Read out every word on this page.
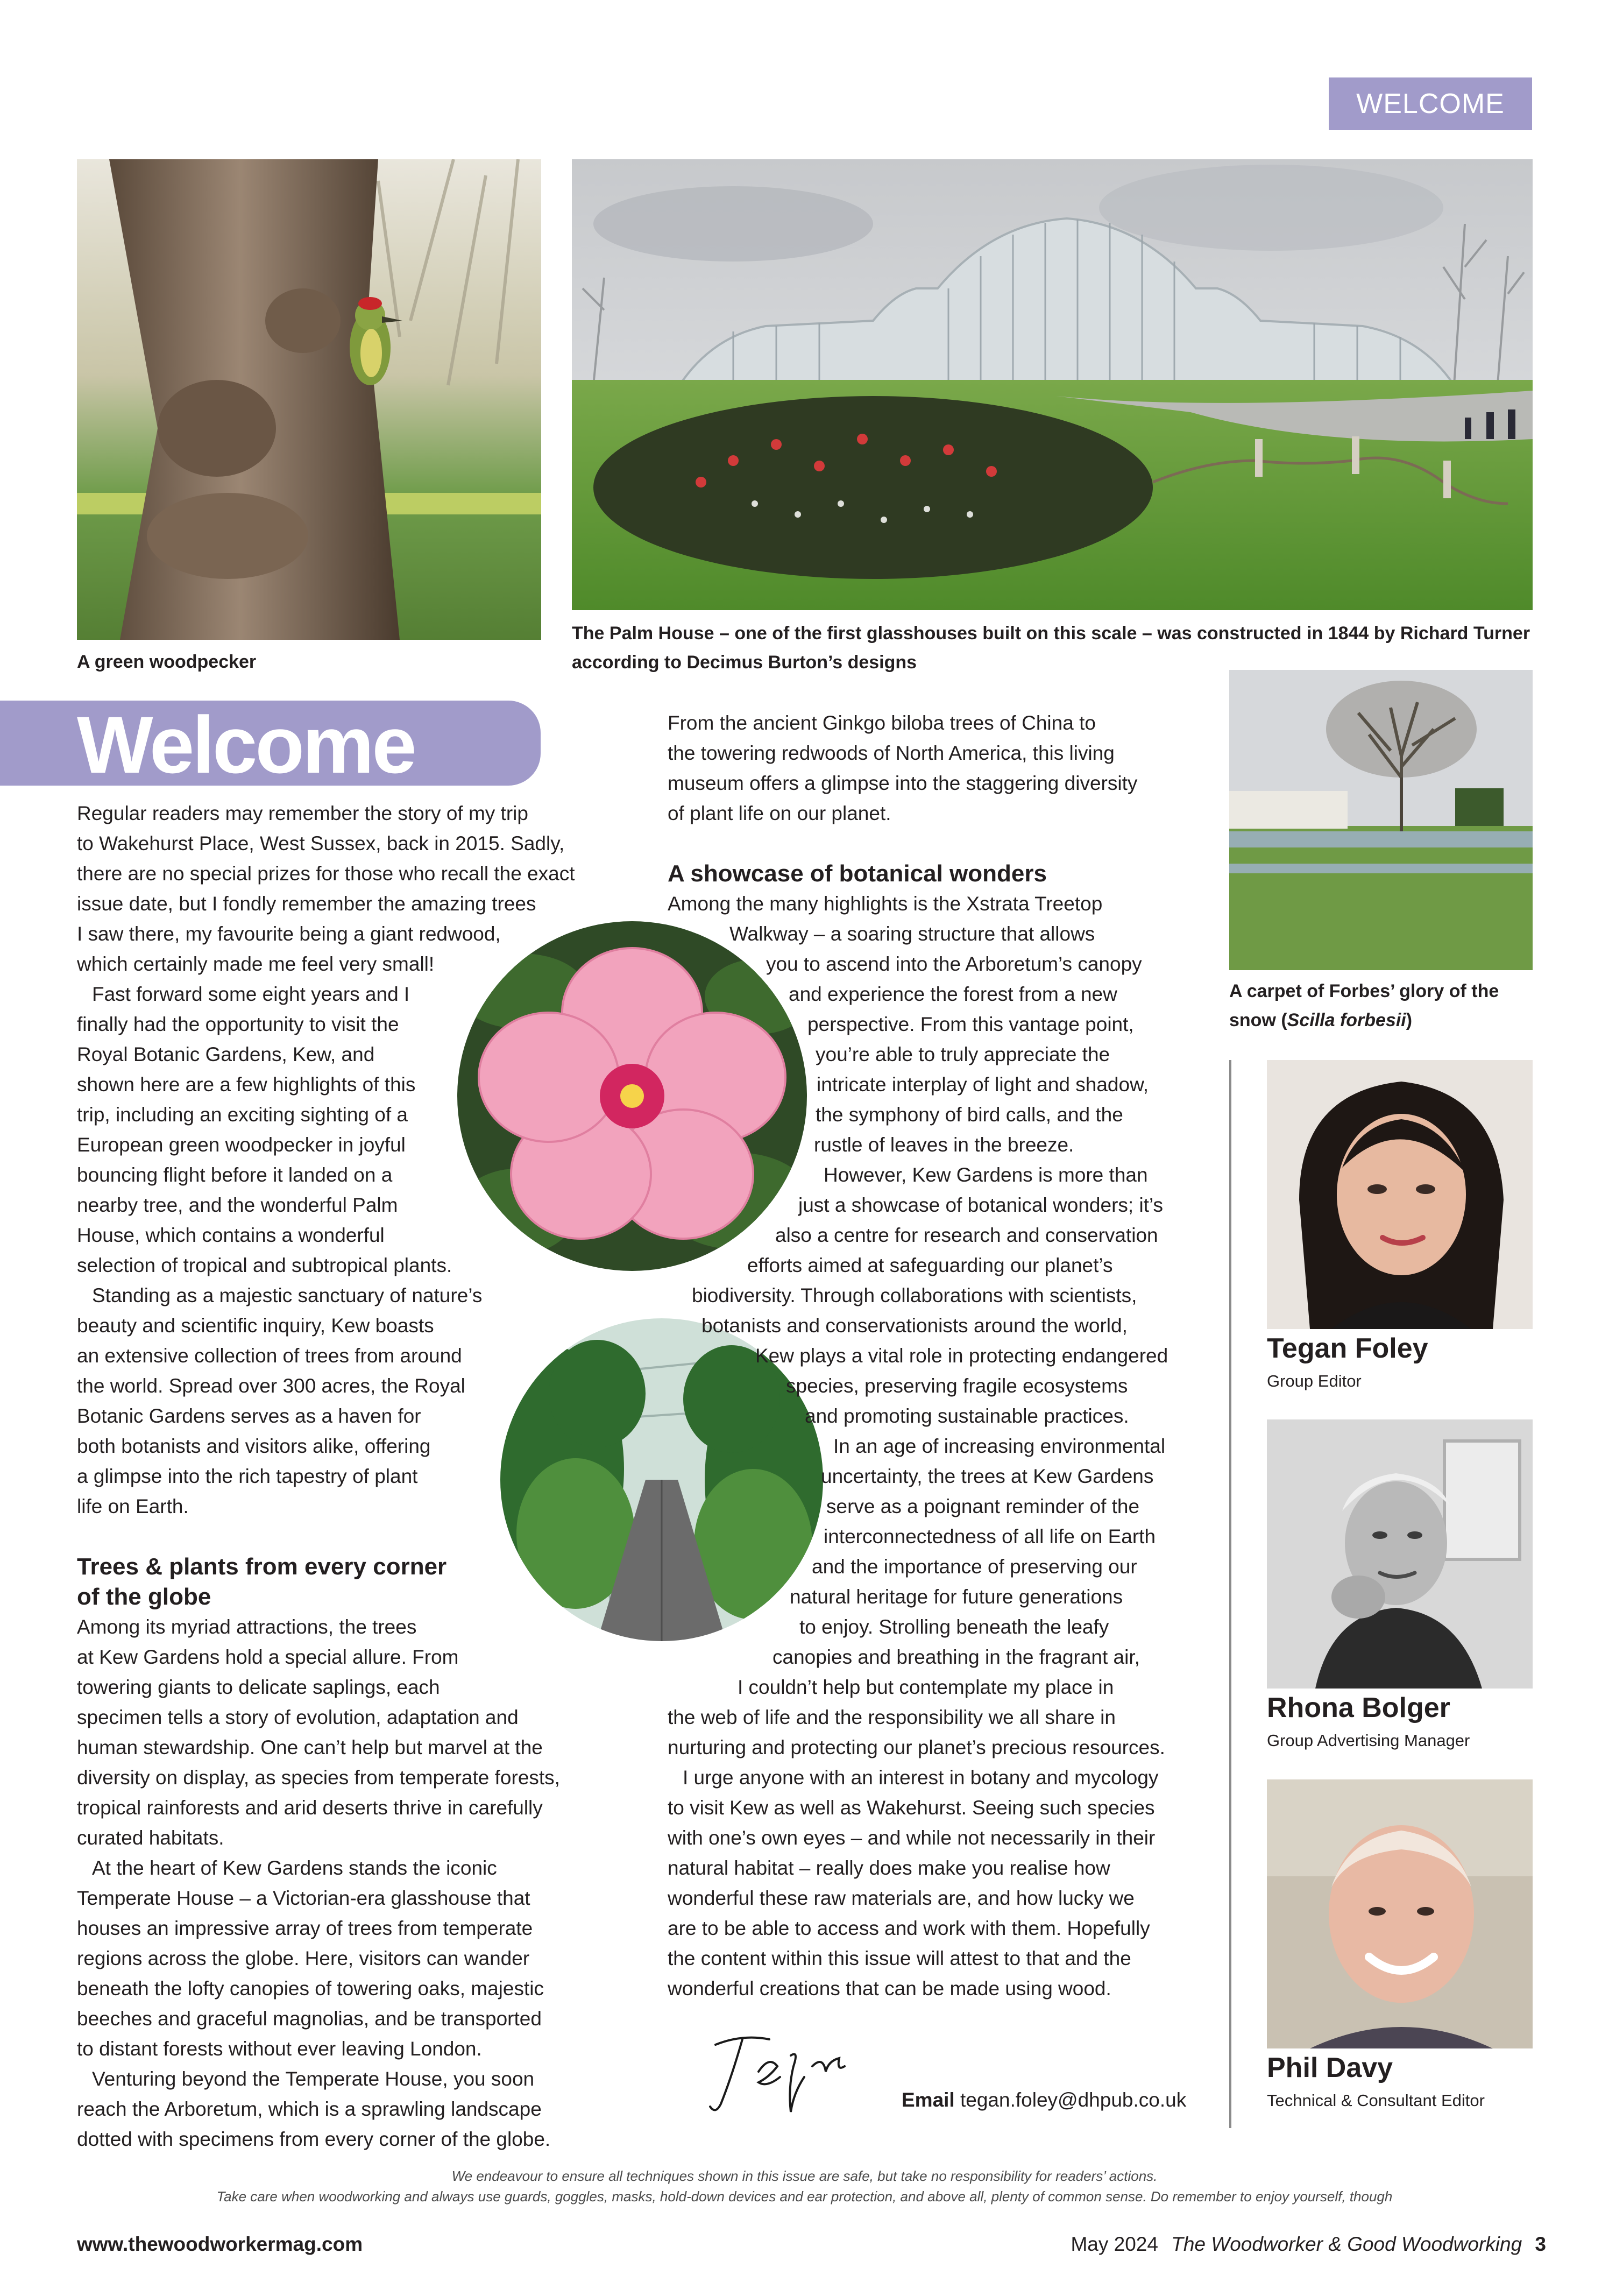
WELCOME
A green woodpecker
The Palm House – one of the first glasshouses built on this scale – was constructed in 1844 by Richard Turner according to Decimus Burton’s designs
A carpet of Forbes’ glory of the snow (Scilla forbesii)
Welcome
Regular readers may remember the story of my trip
to Wakehurst Place, West Sussex, back in 2015. Sadly,
there are no special prizes for those who recall the exact
issue date, but I fondly remember the amazing trees
I saw there, my favourite being a giant redwood,
which certainly made me feel very small!
Fast forward some eight years and I
finally had the opportunity to visit the
Royal Botanic Gardens, Kew, and
shown here are a few highlights of this
trip, including an exciting sighting of a
European green woodpecker in joyful
bouncing flight before it landed on a
nearby tree, and the wonderful Palm
House, which contains a wonderful
selection of tropical and subtropical plants.
Standing as a majestic sanctuary of nature’s
beauty and scientific inquiry, Kew boasts
an extensive collection of trees from around
the world. Spread over 300 acres, the Royal
Botanic Gardens serves as a haven for
both botanists and visitors alike, offering
a glimpse into the rich tapestry of plant
life on Earth.
Trees & plants from every corner
of the globe
Among its myriad attractions, the trees
at Kew Gardens hold a special allure. From
towering giants to delicate saplings, each
specimen tells a story of evolution, adaptation and
human stewardship. One can’t help but marvel at the
diversity on display, as species from temperate forests,
tropical rainforests and arid deserts thrive in carefully
curated habitats.
At the heart of Kew Gardens stands the iconic
Temperate House – a Victorian-era glasshouse that
houses an impressive array of trees from temperate
regions across the globe. Here, visitors can wander
beneath the lofty canopies of towering oaks, majestic
beeches and graceful magnolias, and be transported
to distant forests without ever leaving London.
Venturing beyond the Temperate House, you soon
reach the Arboretum, which is a sprawling landscape
dotted with specimens from every corner of the globe.
From the ancient Ginkgo biloba trees of China to
the towering redwoods of North America, this living
museum offers a glimpse into the staggering diversity
of plant life on our planet.
A showcase of botanical wonders
Among the many highlights is the Xstrata Treetop
Walkway – a soaring structure that allows
you to ascend into the Arboretum’s canopy
and experience the forest from a new
perspective. From this vantage point,
you’re able to truly appreciate the
intricate interplay of light and shadow,
the symphony of bird calls, and the
rustle of leaves in the breeze.
However, Kew Gardens is more than
just a showcase of botanical wonders; it’s
also a centre for research and conservation
efforts aimed at safeguarding our planet’s
biodiversity. Through collaborations with scientists,
botanists and conservationists around the world,
Kew plays a vital role in protecting endangered
species, preserving fragile ecosystems
and promoting sustainable practices.
In an age of increasing environmental
uncertainty, the trees at Kew Gardens
serve as a poignant reminder of the
interconnectedness of all life on Earth
and the importance of preserving our
natural heritage for future generations
to enjoy. Strolling beneath the leafy
canopies and breathing in the fragrant air,
I couldn’t help but contemplate my place in
the web of life and the responsibility we all share in
nurturing and protecting our planet’s precious resources.
I urge anyone with an interest in botany and mycology
to visit Kew as well as Wakehurst. Seeing such species
with one’s own eyes – and while not necessarily in their
natural habitat – really does make you realise how
wonderful these raw materials are, and how lucky we
are to be able to access and work with them. Hopefully
the content within this issue will attest to that and the
wonderful creations that can be made using wood.
Email tegan.foley@dhpub.co.uk
Tegan Foley
Group Editor
Rhona Bolger
Group Advertising Manager
Phil Davy
Technical & Consultant Editor
We endeavour to ensure all techniques shown in this issue are safe, but take no responsibility for readers’ actions.
Take care when woodworking and always use guards, goggles, masks, hold-down devices and ear protection, and above all, plenty of common sense. Do remember to enjoy yourself, though
www.thewoodworkermag.com	May 2024 The Woodworker & Good Woodworking 3
